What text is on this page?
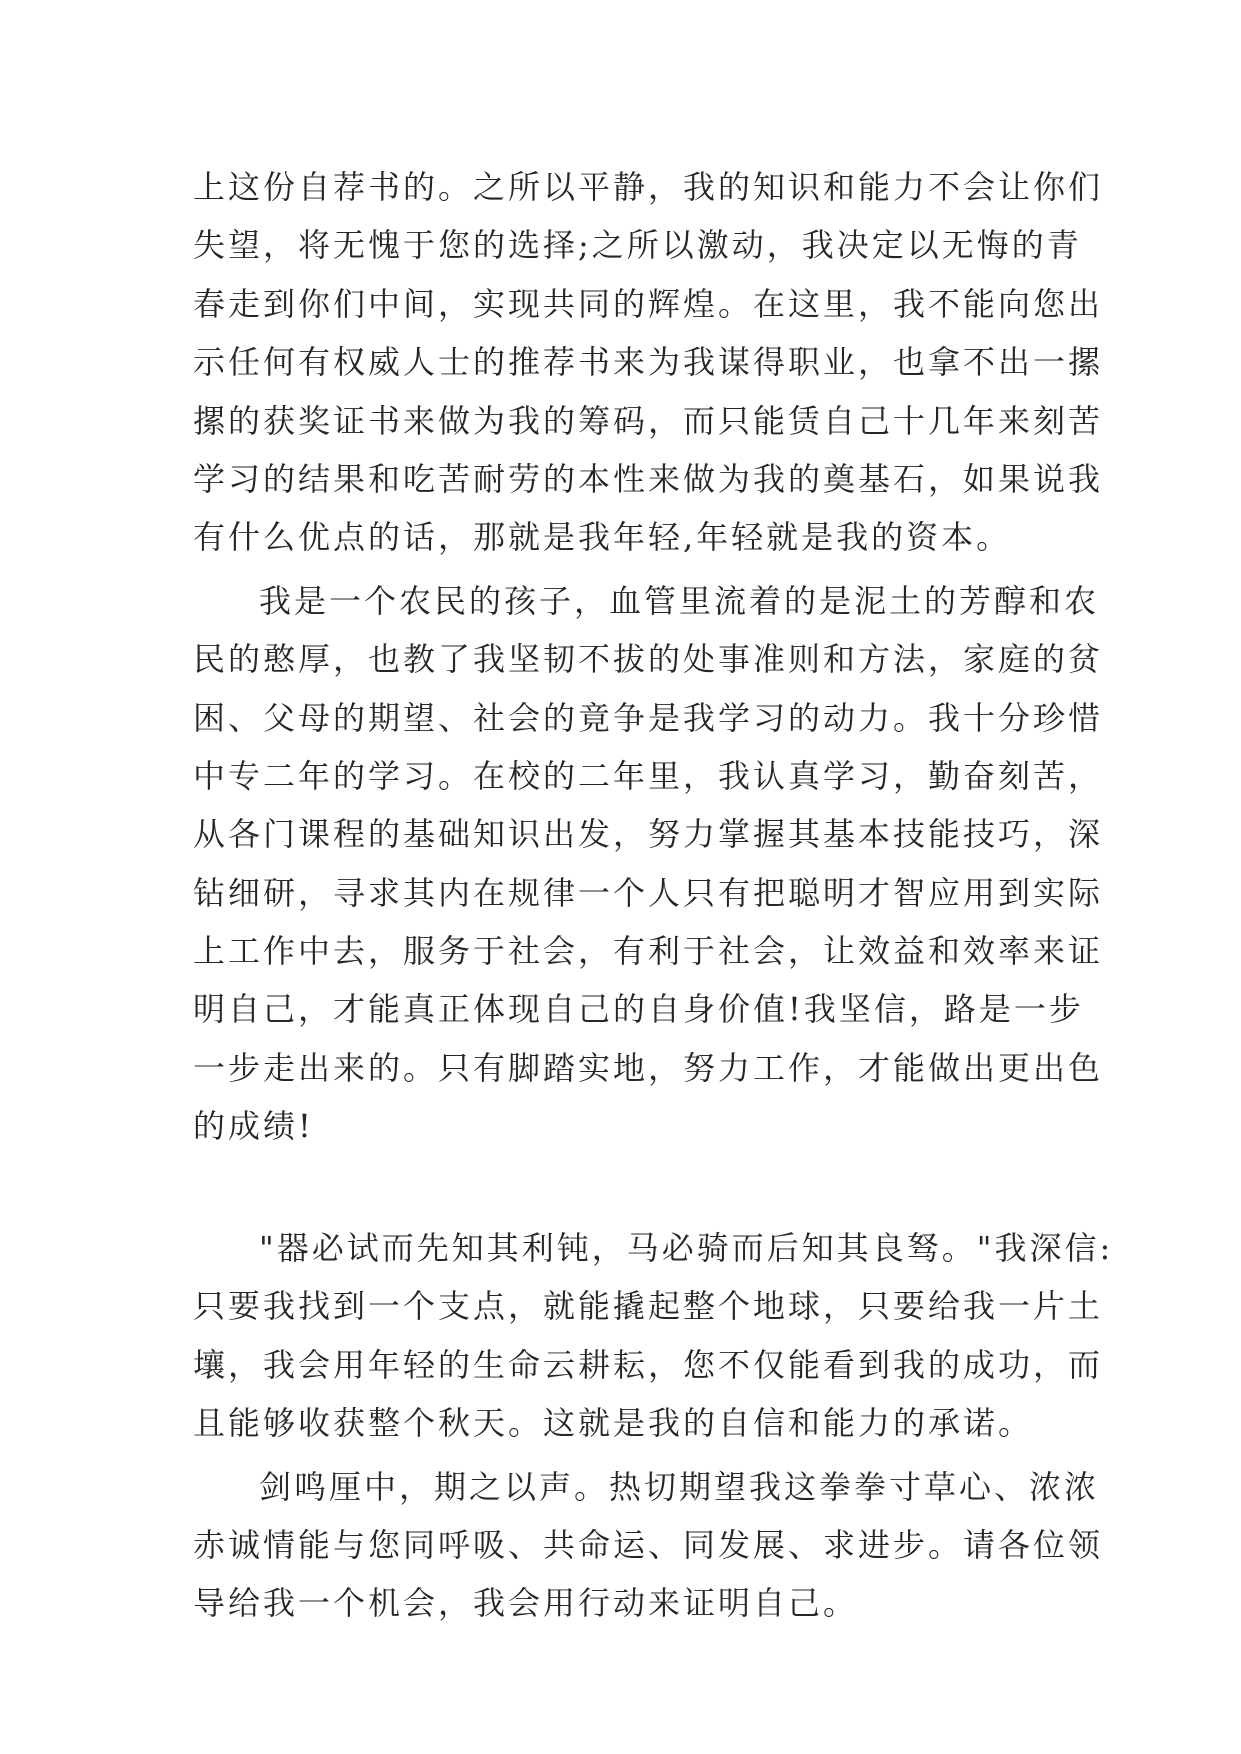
上这份自荐书的。之所以平静，我的知识和能力不会让你们
失望，将无愧于您的选择;之所以激动，我决定以无悔的青
春走到你们中间，实现共同的辉煌。在这里，我不能向您出
示任何有权威人士的推荐书来为我谋得职业，也拿不出一摞
摞的获奖证书来做为我的筹码，而只能赁自己十几年来刻苦
学习的结果和吃苦耐劳的本性来做为我的奠基石，如果说我
有什么优点的话，那就是我年轻,年轻就是我的资本。
我是一个农民的孩子，血管里流着的是泥土的芳醇和农
民的憨厚，也教了我坚韧不拔的处事准则和方法，家庭的贫
困、父母的期望、社会的竟争是我学习的动力。我十分珍惜
中专二年的学习。在校的二年里，我认真学习，勤奋刻苦，
从各门课程的基础知识出发，努力掌握其基本技能技巧，深
钻细研，寻求其内在规律一个人只有把聪明才智应用到实际
上工作中去，服务于社会，有利于社会，让效益和效率来证
明自己，才能真正体现自己的自身价值!我坚信，路是一步
一步走出来的。只有脚踏实地，努力工作，才能做出更出色
的成绩!
"器必试而先知其利钝，马必骑而后知其良驽。"我深信:
只要我找到一个支点，就能撬起整个地球，只要给我一片土
壤，我会用年轻的生命云耕耘，您不仅能看到我的成功，而
且能够收获整个秋天。这就是我的自信和能力的承诺。
剑鸣厘中，期之以声。热切期望我这拳拳寸草心、浓浓
赤诚情能与您同呼吸、共命运、同发展、求进步。请各位领
导给我一个机会，我会用行动来证明自己。
